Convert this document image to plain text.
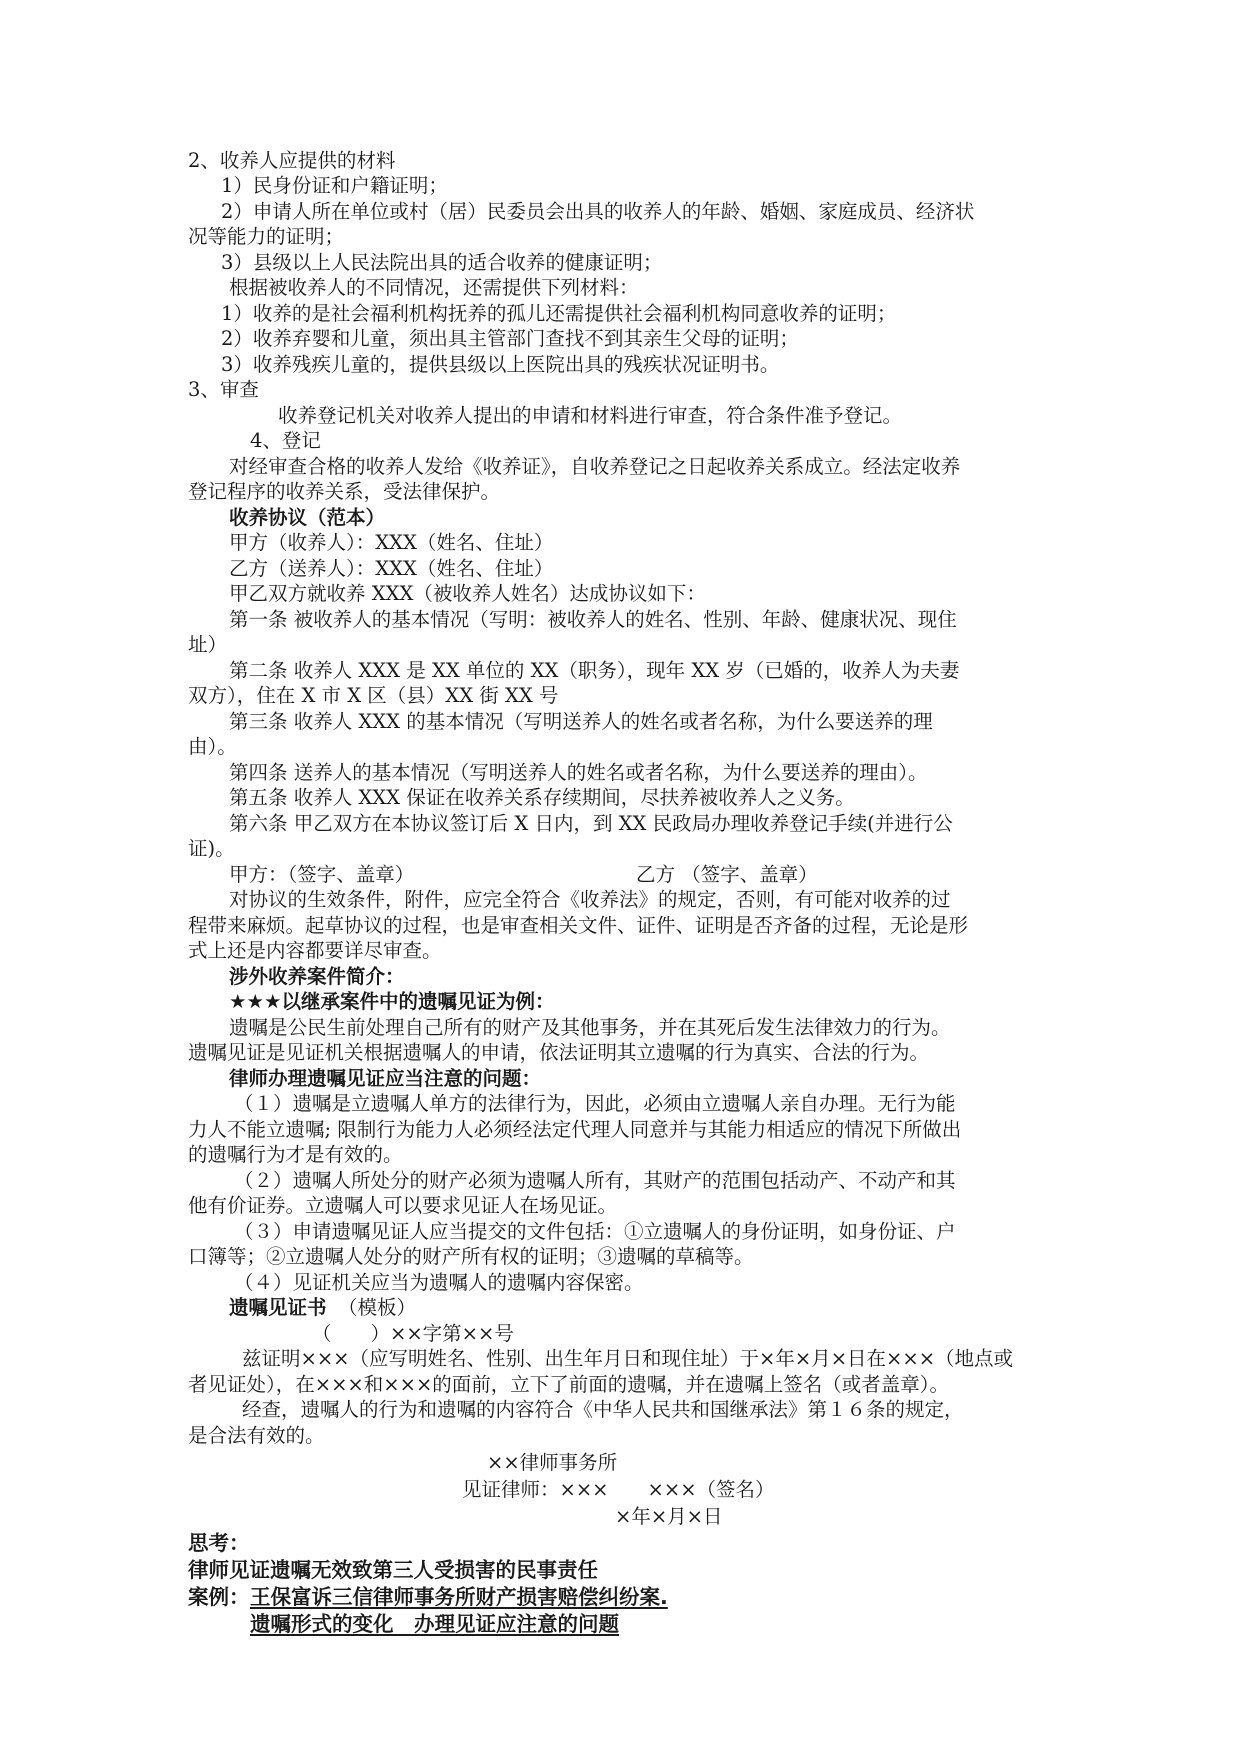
2、收养人应提供的材料
1）民身份证和户籍证明；
2）申请人所在单位或村（居）民委员会出具的收养人的年龄、婚姻、家庭成员、经济状
况等能力的证明；
3）县级以上人民法院出具的适合收养的健康证明；
根据被收养人的不同情况，还需提供下列材料：
1）收养的是社会福利机构抚养的孤儿还需提供社会福利机构同意收养的证明；
2）收养弃婴和儿童，须出具主管部门查找不到其亲生父母的证明；
3）收养残疾儿童的，提供县级以上医院出具的残疾状况证明书。
3、审查
收养登记机关对收养人提出的申请和材料进行审查，符合条件准予登记。
4、登记
对经审查合格的收养人发给《收养证》，自收养登记之日起收养关系成立。经法定收养
登记程序的收养关系，受法律保护。
收养协议（范本）
甲方（收养人）：XXX（姓名、住址）
乙方（送养人）：XXX（姓名、住址）
甲乙双方就收养 XXX（被收养人姓名）达成协议如下：
第一条 被收养人的基本情况（写明：被收养人的姓名、性别、年龄、健康状况、现住
址）
第二条 收养人 XXX 是 XX 单位的 XX（职务），现年 XX 岁（已婚的，收养人为夫妻
双方），住在 X 市 X 区（县）XX 街 XX 号
第三条 收养人 XXX 的基本情况（写明送养人的姓名或者名称，为什么要送养的理
由）。
第四条 送养人的基本情况（写明送养人的姓名或者名称，为什么要送养的理由）。
第五条 收养人 XXX 保证在收养关系存续期间，尽扶养被收养人之义务。
第六条 甲乙双方在本协议签订后 X 日内，到 XX 民政局办理收养登记手续(并进行公
证)。
甲方：（签字、盖章）	乙方 （签字、盖章）
对协议的生效条件，附件，应完全符合《收养法》的规定，否则，有可能对收养的过
程带来麻烦。起草协议的过程，也是审查相关文件、证件、证明是否齐备的过程，无论是形
式上还是内容都要详尽审查。
涉外收养案件简介：
★★★以继承案件中的遗嘱见证为例：
遗嘱是公民生前处理自己所有的财产及其他事务，并在其死后发生法律效力的行为。
遗嘱见证是见证机关根据遗嘱人的申请，依法证明其立遗嘱的行为真实、合法的行为。
律师办理遗嘱见证应当注意的问题：
（１）遗嘱是立遗嘱人单方的法律行为，因此，必须由立遗嘱人亲自办理。无行为能
力人不能立遗嘱; 限制行为能力人必须经法定代理人同意并与其能力相适应的情况下所做出
的遗嘱行为才是有效的。
（２）遗嘱人所处分的财产必须为遗嘱人所有，其财产的范围包括动产、不动产和其
他有价证券。立遗嘱人可以要求见证人在场见证。
（３）申请遗嘱见证人应当提交的文件包括：①立遗嘱人的身份证明，如身份证、户
口簿等；②立遗嘱人处分的财产所有权的证明；③遗嘱的草稿等。
（４）见证机关应当为遗嘱人的遗嘱内容保密。
遗嘱见证书 （模板）
（　　）××字第××号
兹证明×××（应写明姓名、性别、出生年月日和现住址）于×年×月×日在×××（地点或
者见证处），在×××和×××的面前，立下了前面的遗嘱，并在遗嘱上签名（或者盖章）。
经查，遗嘱人的行为和遗嘱的内容符合《中华人民共和国继承法》第１６条的规定，
是合法有效的。
××律师事务所
见证律师：×××　　×××（签名）
×年×月×日
思考：
律师见证遗嘱无效致第三人受损害的民事责任
案例： 王保富诉三信律师事务所财产损害赔偿纠纷案.
遗嘱形式的变化　办理见证应注意的问题
